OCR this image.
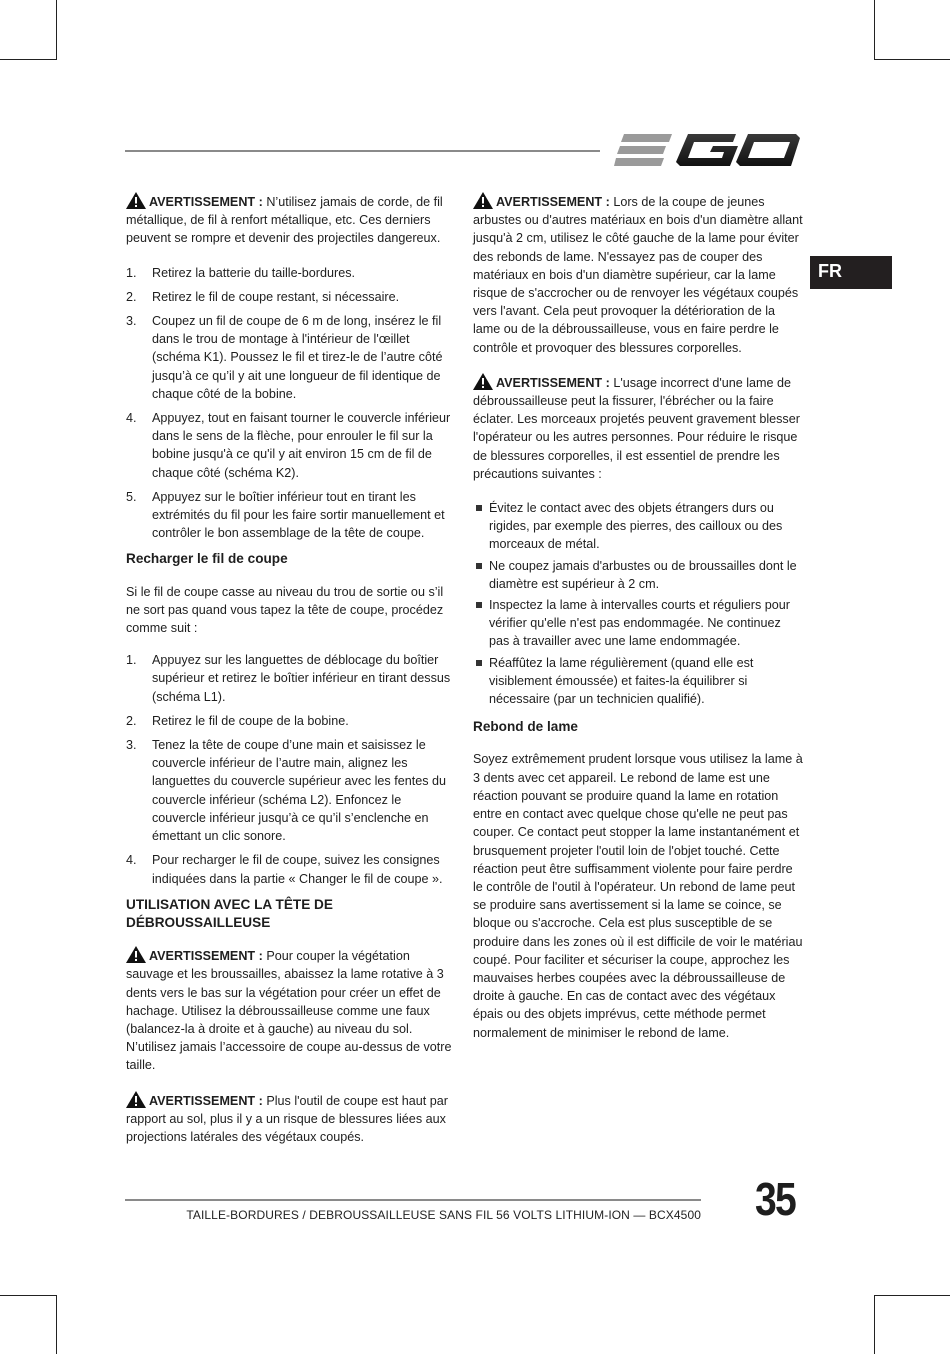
FR

AVERTISSEMENT : N’utilisez jamais de corde, de fil métallique, de fil à renfort métallique, etc. Ces derniers peuvent se rompre et devenir des projectiles dangereux.

1. Retirez la batterie du taille-bordures.
2. Retirez le fil de coupe restant, si nécessaire.
3. Coupez un fil de coupe de 6 m de long, insérez le fil dans le trou de montage à l'intérieur de l'œillet (schéma K1). Poussez le fil et tirez-le de l’autre côté jusqu’à ce qu’il y ait une longueur de fil identique de chaque côté de la bobine.
4. Appuyez, tout en faisant tourner le couvercle inférieur dans le sens de la flèche, pour enrouler le fil sur la bobine jusqu'à ce qu'il y ait environ 15 cm de fil de chaque côté (schéma K2).
5. Appuyez sur le boîtier inférieur tout en tirant les extrémités du fil pour les faire sortir manuellement et contrôler le bon assemblage de la tête de coupe.
Recharger le fil de coupe

Si le fil de coupe casse au niveau du trou de sortie ou s’il ne sort pas quand vous tapez la tête de coupe, procédez comme suit :

1. Appuyez sur les languettes de déblocage du boîtier supérieur et retirez le boîtier inférieur en tirant dessus (schéma L1).
2. Retirez le fil de coupe de la bobine.
3. Tenez la tête de coupe d’une main et saisissez le couvercle inférieur de l’autre main, alignez les languettes du couvercle supérieur avec les fentes du couvercle inférieur (schéma L2). Enfoncez le couvercle inférieur jusqu’à ce qu’il s’enclenche en émettant un clic sonore.
4. Pour recharger le fil de coupe, suivez les consignes indiquées dans la partie « Changer le fil de coupe ».
UTILISATION AVEC LA TÊTE DE DÉBROUSSAILLEUSE

AVERTISSEMENT : Pour couper la végétation sauvage et les broussailles, abaissez la lame rotative à 3 dents vers le bas sur la végétation pour créer un effet de hachage. Utilisez la débroussailleuse comme une faux (balancez-la à droite et à gauche) au niveau du sol. N’utilisez jamais l’accessoire de coupe au-dessus de votre taille.

AVERTISSEMENT : Plus l'outil de coupe est haut par rapport au sol, plus il y a un risque de blessures liées aux projections latérales des végétaux coupés.

AVERTISSEMENT : Lors de la coupe de jeunes arbustes ou d'autres matériaux en bois d'un diamètre allant jusqu'à 2 cm, utilisez le côté gauche de la lame pour éviter des rebonds de lame. N'essayez pas de couper des matériaux en bois d'un diamètre supérieur, car la lame risque de s'accrocher ou de renvoyer les végétaux coupés vers l'avant. Cela peut provoquer la détérioration de la lame ou de la débroussailleuse, vous en faire perdre le contrôle et provoquer des blessures corporelles.

AVERTISSEMENT : L'usage incorrect d'une lame de débroussailleuse peut la fissurer, l'ébrécher ou la faire éclater. Les morceaux projetés peuvent gravement blesser l'opérateur ou les autres personnes. Pour réduire le risque de blessures corporelles, il est essentiel de prendre les précautions suivantes :

Évitez le contact avec des objets étrangers durs ou rigides, par exemple des pierres, des cailloux ou des morceaux de métal.
Ne coupez jamais d'arbustes ou de broussailles dont le diamètre est supérieur à 2 cm.
Inspectez la lame à intervalles courts et réguliers pour vérifier qu'elle n'est pas endommagée. Ne continuez pas à travailler avec une lame endommagée.
Réaffûtez la lame régulièrement (quand elle est visiblement émoussée) et faites-la équilibrer si nécessaire (par un technicien qualifié).
Rebond de lame

Soyez extrêmement prudent lorsque vous utilisez la lame à 3 dents avec cet appareil. Le rebond de lame est une réaction pouvant se produire quand la lame en rotation entre en contact avec quelque chose qu'elle ne peut pas couper. Ce contact peut stopper la lame instantanément et brusquement projeter l'outil loin de l'objet touché. Cette réaction peut être suffisamment violente pour faire perdre le contrôle de l'outil à l'opérateur. Un rebond de lame peut se produire sans avertissement si la lame se coince, se bloque ou s'accroche. Cela est plus susceptible de se produire dans les zones où il est difficile de voir le matériau coupé. Pour faciliter et sécuriser la coupe, approchez les mauvaises herbes coupées avec la débroussailleuse de droite à gauche. En cas de contact avec des végétaux épais ou des objets imprévus, cette méthode permet normalement de minimiser le rebond de lame.

TAILLE-BORDURES / DEBROUSSAILLEUSE SANS FIL 56 VOLTS LITHIUM-ION — BCX4500 35
